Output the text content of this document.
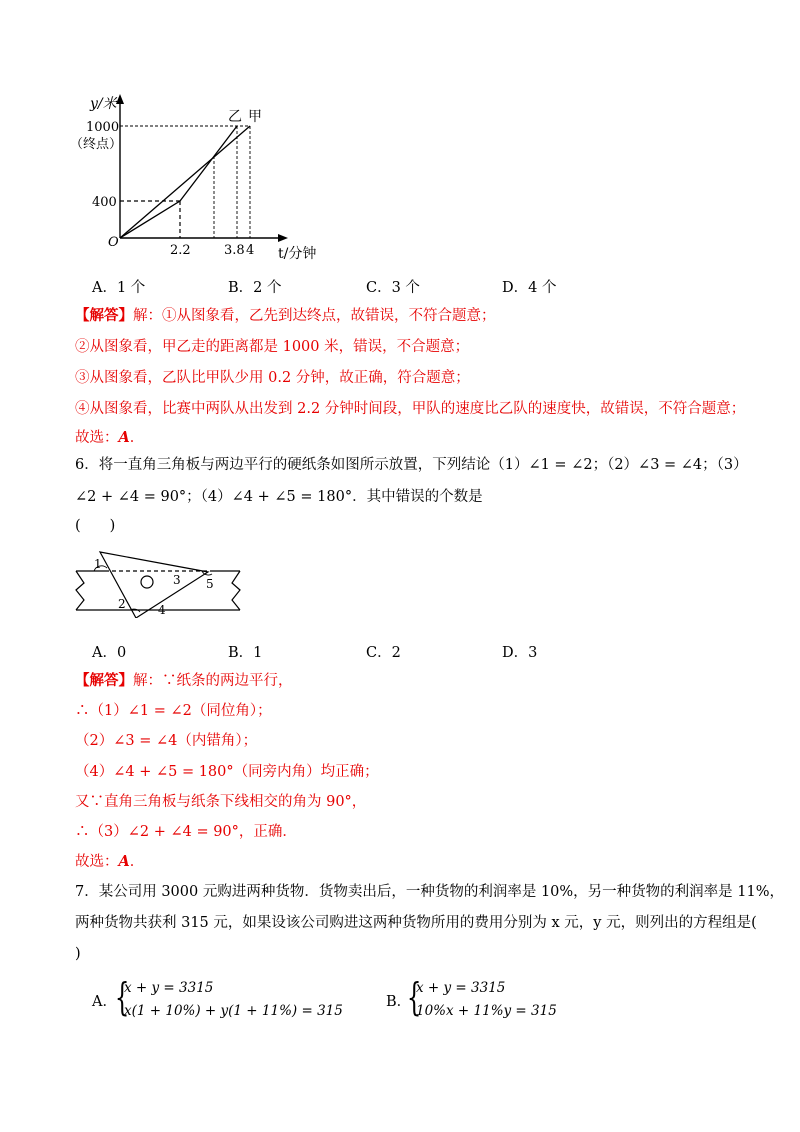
y/米
1000
（终点）
400
O
2.2	3.8 4 t/分钟
乙 甲
A．1 个	B．2 个	C．3 个	D．4 个
【解答】解：①从图象看，乙先到达终点，故错误，不符合题意；
②从图象看，甲乙走的距离都是 1000 米，错误，不合题意；
③从图象看，乙队比甲队少用 0.2 分钟，故正确，符合题意；
④从图象看，比赛中两队从出发到 2.2 分钟时间段，甲队的速度比乙队的速度快，故错误，不符合题意；
故选：A．
6．将一直角三角板与两边平行的硬纸条如图所示放置，下列结论（1）∠1 = ∠2；（2）∠3 = ∠4；（3）
∠2 + ∠4 = 90°；（4）∠4 + ∠5 = 180°．其中错误的个数是
(　　)
1
2
3
4
5
A．0	B．1	C．2	D．3
【解答】解：∵纸条的两边平行，
∴（1）∠1 = ∠2（同位角）；
（2）∠3 = ∠4（内错角）；
（4）∠4 + ∠5 = 180°（同旁内角）均正确；
又∵直角三角板与纸条下线相交的角为 90°，
∴（3）∠2 + ∠4 = 90°，正确．
故选：A．
7．某公司用 3000 元购进两种货物．货物卖出后，一种货物的利润率是 10%，另一种货物的利润率是 11%，
两种货物共获利 315 元，如果设该公司购进这两种货物所用的费用分别为 x 元，y 元，则列出的方程组是(
)
A．
{
x + y = 3315
x(1 + 10%) + y(1 + 11%) = 315
B．
{
x + y = 3315
10%x + 11%y = 315
